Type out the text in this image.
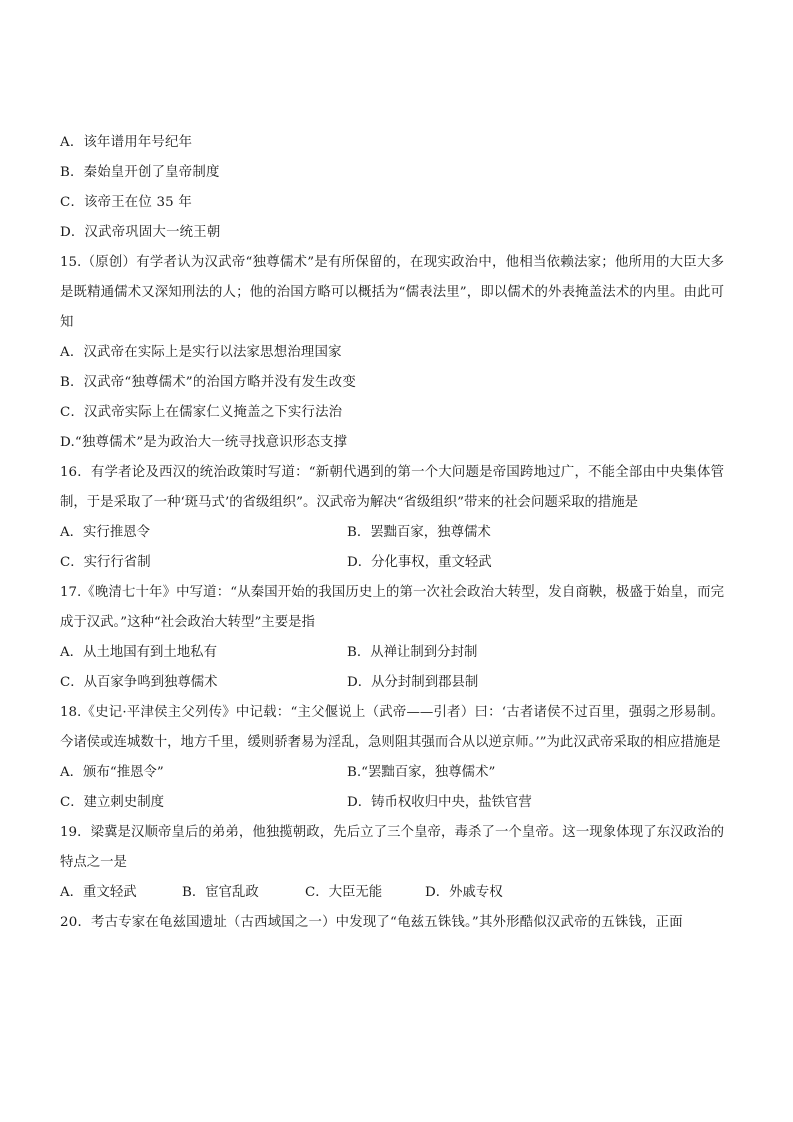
A．该年谱用年号纪年
B．秦始皇开创了皇帝制度
C．该帝王在位 35 年
D．汉武帝巩固大一统王朝
15.（原创）有学者认为汉武帝“独尊儒术”是有所保留的，在现实政治中，他相当依赖法家；他所用的大臣大多是既精通儒术又深知刑法的人；他的治国方略可以概括为“儒表法里”，即以儒术的外表掩盖法术的内里。由此可知
A．汉武帝在实际上是实行以法家思想治理国家
B．汉武帝“独尊儒术”的治国方略并没有发生改变
C．汉武帝实际上在儒家仁义掩盖之下实行法治
D.“独尊儒术”是为政治大一统寻找意识形态支撑
16．有学者论及西汉的统治政策时写道：“新朝代遇到的第一个大问题是帝国跨地过广，不能全部由中央集体管制，于是采取了一种‘斑马式’的省级组织”。汉武帝为解决“省级组织”带来的社会问题采取的措施是
A．实行推恩令	B．罢黜百家，独尊儒术
C．实行行省制	D．分化事权，重文轻武
17.《晚清七十年》中写道：“从秦国开始的我国历史上的第一次社会政治大转型，发自商鞅，极盛于始皇，而完成于汉武。”这种“社会政治大转型”主要是指
A．从土地国有到土地私有	B．从禅让制到分封制
C．从百家争鸣到独尊儒术	D．从分封制到郡县制
18.《史记·平津侯主父列传》中记载：“主父偃说上（武帝——引者）曰：‘古者诸侯不过百里，强弱之形易制。今诸侯或连城数十，地方千里，缓则骄奢易为淫乱，急则阻其强而合从以逆京师。’”为此汉武帝采取的相应措施是
A．颁布“推恩令”	B.“罢黜百家，独尊儒术”
C．建立刺史制度	D．铸币权收归中央，盐铁官营
19．梁冀是汉顺帝皇后的弟弟，他独揽朝政，先后立了三个皇帝，毒杀了一个皇帝。这一现象体现了东汉政治的特点之一是
A．重文轻武	B．宦官乱政	C．大臣无能	D．外戚专权
20．考古专家在龟兹国遗址（古西域国之一）中发现了“龟兹五铢钱。”其外形酷似汉武帝的五铢钱，正面
